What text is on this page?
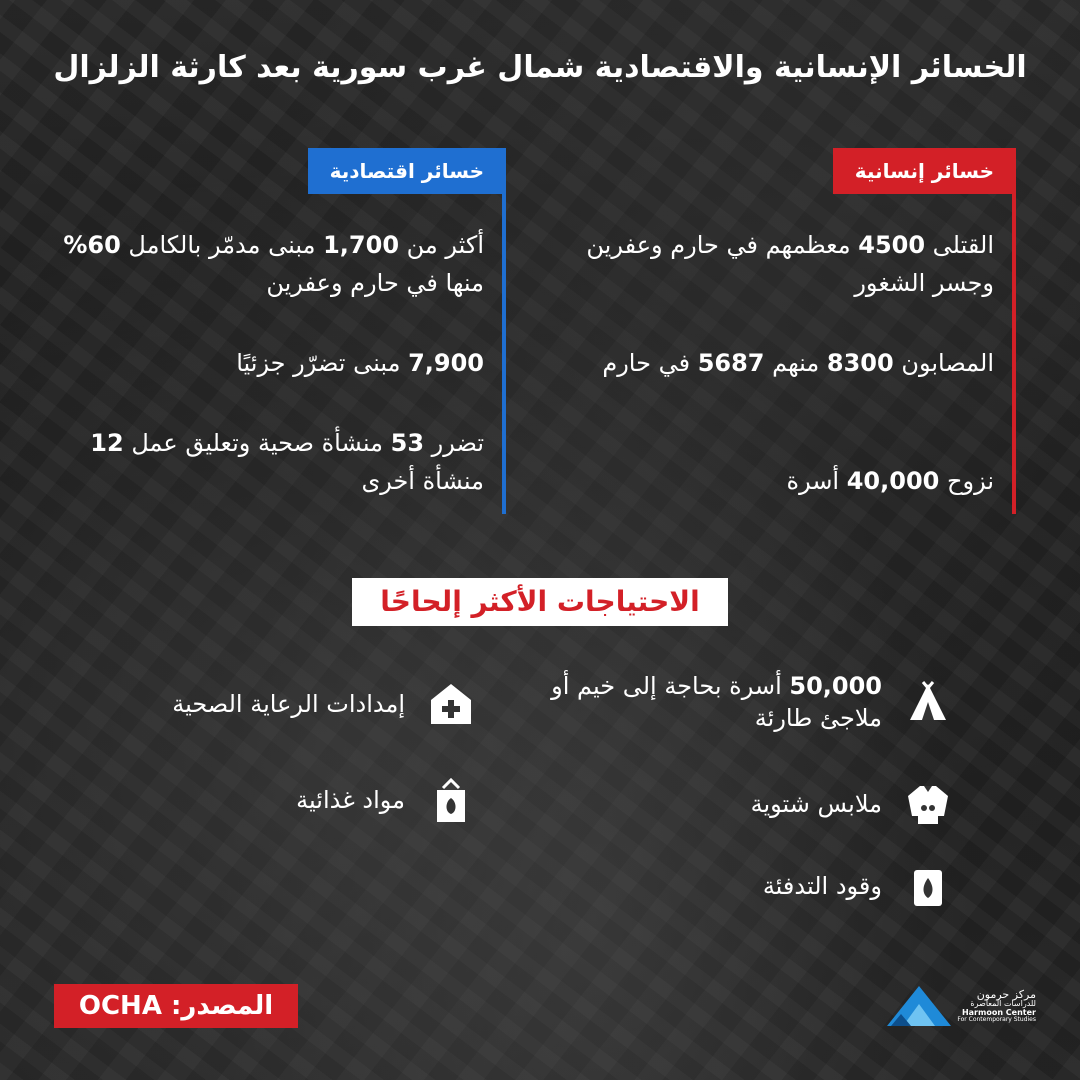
الخسائر الإنسانية والاقتصادية شمال غرب سورية بعد كارثة الزلزال
خسائر إنسانية
القتلى 4500 معظمهم في حارم وعفرين وجسر الشغور
المصابون 8300 منهم 5687 في حارم
نزوح 40,000 أسرة
خسائر اقتصادية
أكثر من 1,700 مبنى مدمّر بالكامل 60% منها في حارم وعفرين
7,900 مبنى تضرّر جزئيًا
تضرر 53 منشأة صحية وتعليق عمل 12 منشأة أخرى
الاحتياجات الأكثر إلحاحًا
50,000 أسرة بحاجة إلى خيم أو ملاجئ طارئة
إمدادات الرعاية الصحية
ملابس شتوية
مواد غذائية
وقود التدفئة
المصدر: OCHA	مركز حرمون
للدراسات المعاصرة
Harmoon Center
For Contemporary Studies
